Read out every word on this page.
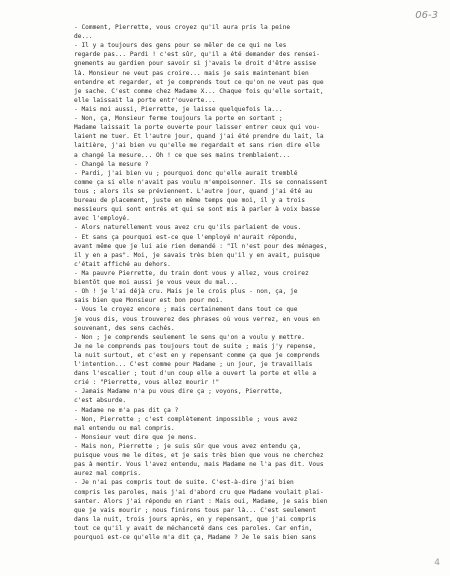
06-3
- Comment, Pierrette, vous croyez qu'il aura pris la peine
de...
- Il y a toujours des gens pour se mêler de ce qui ne les
regarde pas... Pardi ! c'est sûr, qu'il a été demander des rensei-
gnements au gardien pour savoir si j'avais le droit d'être assise
là. Monsieur ne veut pas croire... mais je sais maintenant bien
entendre et regarder, et je comprends tout ce qu'on ne veut pas que
je sache. C'est comme chez Madame X... Chaque fois qu'elle sortait,
elle laissait la porte entr'ouverte...
- Mais moi aussi, Pierrette, je laisse quelquefois la...
- Non, ça, Monsieur ferme toujours la porte en sortant ;
Madame laissait la porte ouverte pour laisser entrer ceux qui vou-
laient me tuer. Et l'autre jour, quand j'ai été prendre du lait, la
laitière, j'ai bien vu qu'elle me regardait et sans rien dire elle
a changé la mesure... Oh ! ce que ses mains tremblaient...
- Changé la mesure ?
- Pardi, j'ai bien vu ; pourquoi donc qu'elle aurait tremblé
comme ça si elle n'avait pas voulu m'empoisonner. Ils se connaissent
tous ; alors ils se préviennent. L'autre jour, quand j'ai été au
bureau de placement, juste en même temps que moi, il y a trois
messieurs qui sont entrés et qui se sont mis à parler à voix basse
avec l'employé.
- Alors naturellement vous avez cru qu'ils parlaient de vous.
- Et sans ça pourquoi est-ce que l'employé m'aurait répondu,
avant même que je lui aie rien demandé : "Il n'est pour des ménages,
il y en a pas". Moi, je savais très bien qu'il y en avait, puisque
c'était affiché au dehors.
- Ma pauvre Pierrette, du train dont vous y allez, vous croirez
bientôt que moi aussi je vous veux du mal...
- Oh ! je l'ai déjà cru. Mais je le crois plus - non, ça, je
sais bien que Monsieur est bon pour moi.
- Vous le croyez encore ; mais certainement dans tout ce que
je vous dis, vous trouverez des phrases où vous verrez, en vous en
souvenant, des sens cachés.
- Non ; je comprends seulement le sens qu'on a voulu y mettre.
Je ne le comprends pas toujours tout de suite ; mais j'y repense,
la nuit surtout, et c'est en y repensant comme ça que je comprends
l'intention... C'est comme pour Madame ; un jour, je travaillais
dans l'escalier ; tout d'un coup elle a ouvert la porte et elle a
crié : "Pierrette, vous allez mourir !"
- Jamais Madame n'a pu vous dire ça ; voyons, Pierrette,
c'est absurde.
- Madame ne m'a pas dit ça ?
- Non, Pierrette ; c'est complètement impossible ; vous avez
mal entendu ou mal compris.
- Monsieur veut dire que je mens.
- Mais non, Pierrette ; je suis sûr que vous avez entendu ça,
puisque vous me le dites, et je sais très bien que vous ne cherchez
pas à mentir. Vous l'avez entendu, mais Madame ne l'a pas dit. Vous
aurez mal compris.
- Je n'ai pas compris tout de suite. C'est-à-dire j'ai bien
compris les paroles, mais j'ai d'abord cru que Madame voulait plai-
santer. Alors j'ai répondu en riant : Mais oui, Madame, je sais bien
que je vais mourir ; nous finirons tous par là... C'est seulement
dans la nuit, trois jours après, en y repensant, que j'ai compris
tout ce qu'il y avait de méchanceté dans ces paroles. Car enfin,
pourquoi est-ce qu'elle m'a dit ça, Madame ? Je le sais bien sans
4
